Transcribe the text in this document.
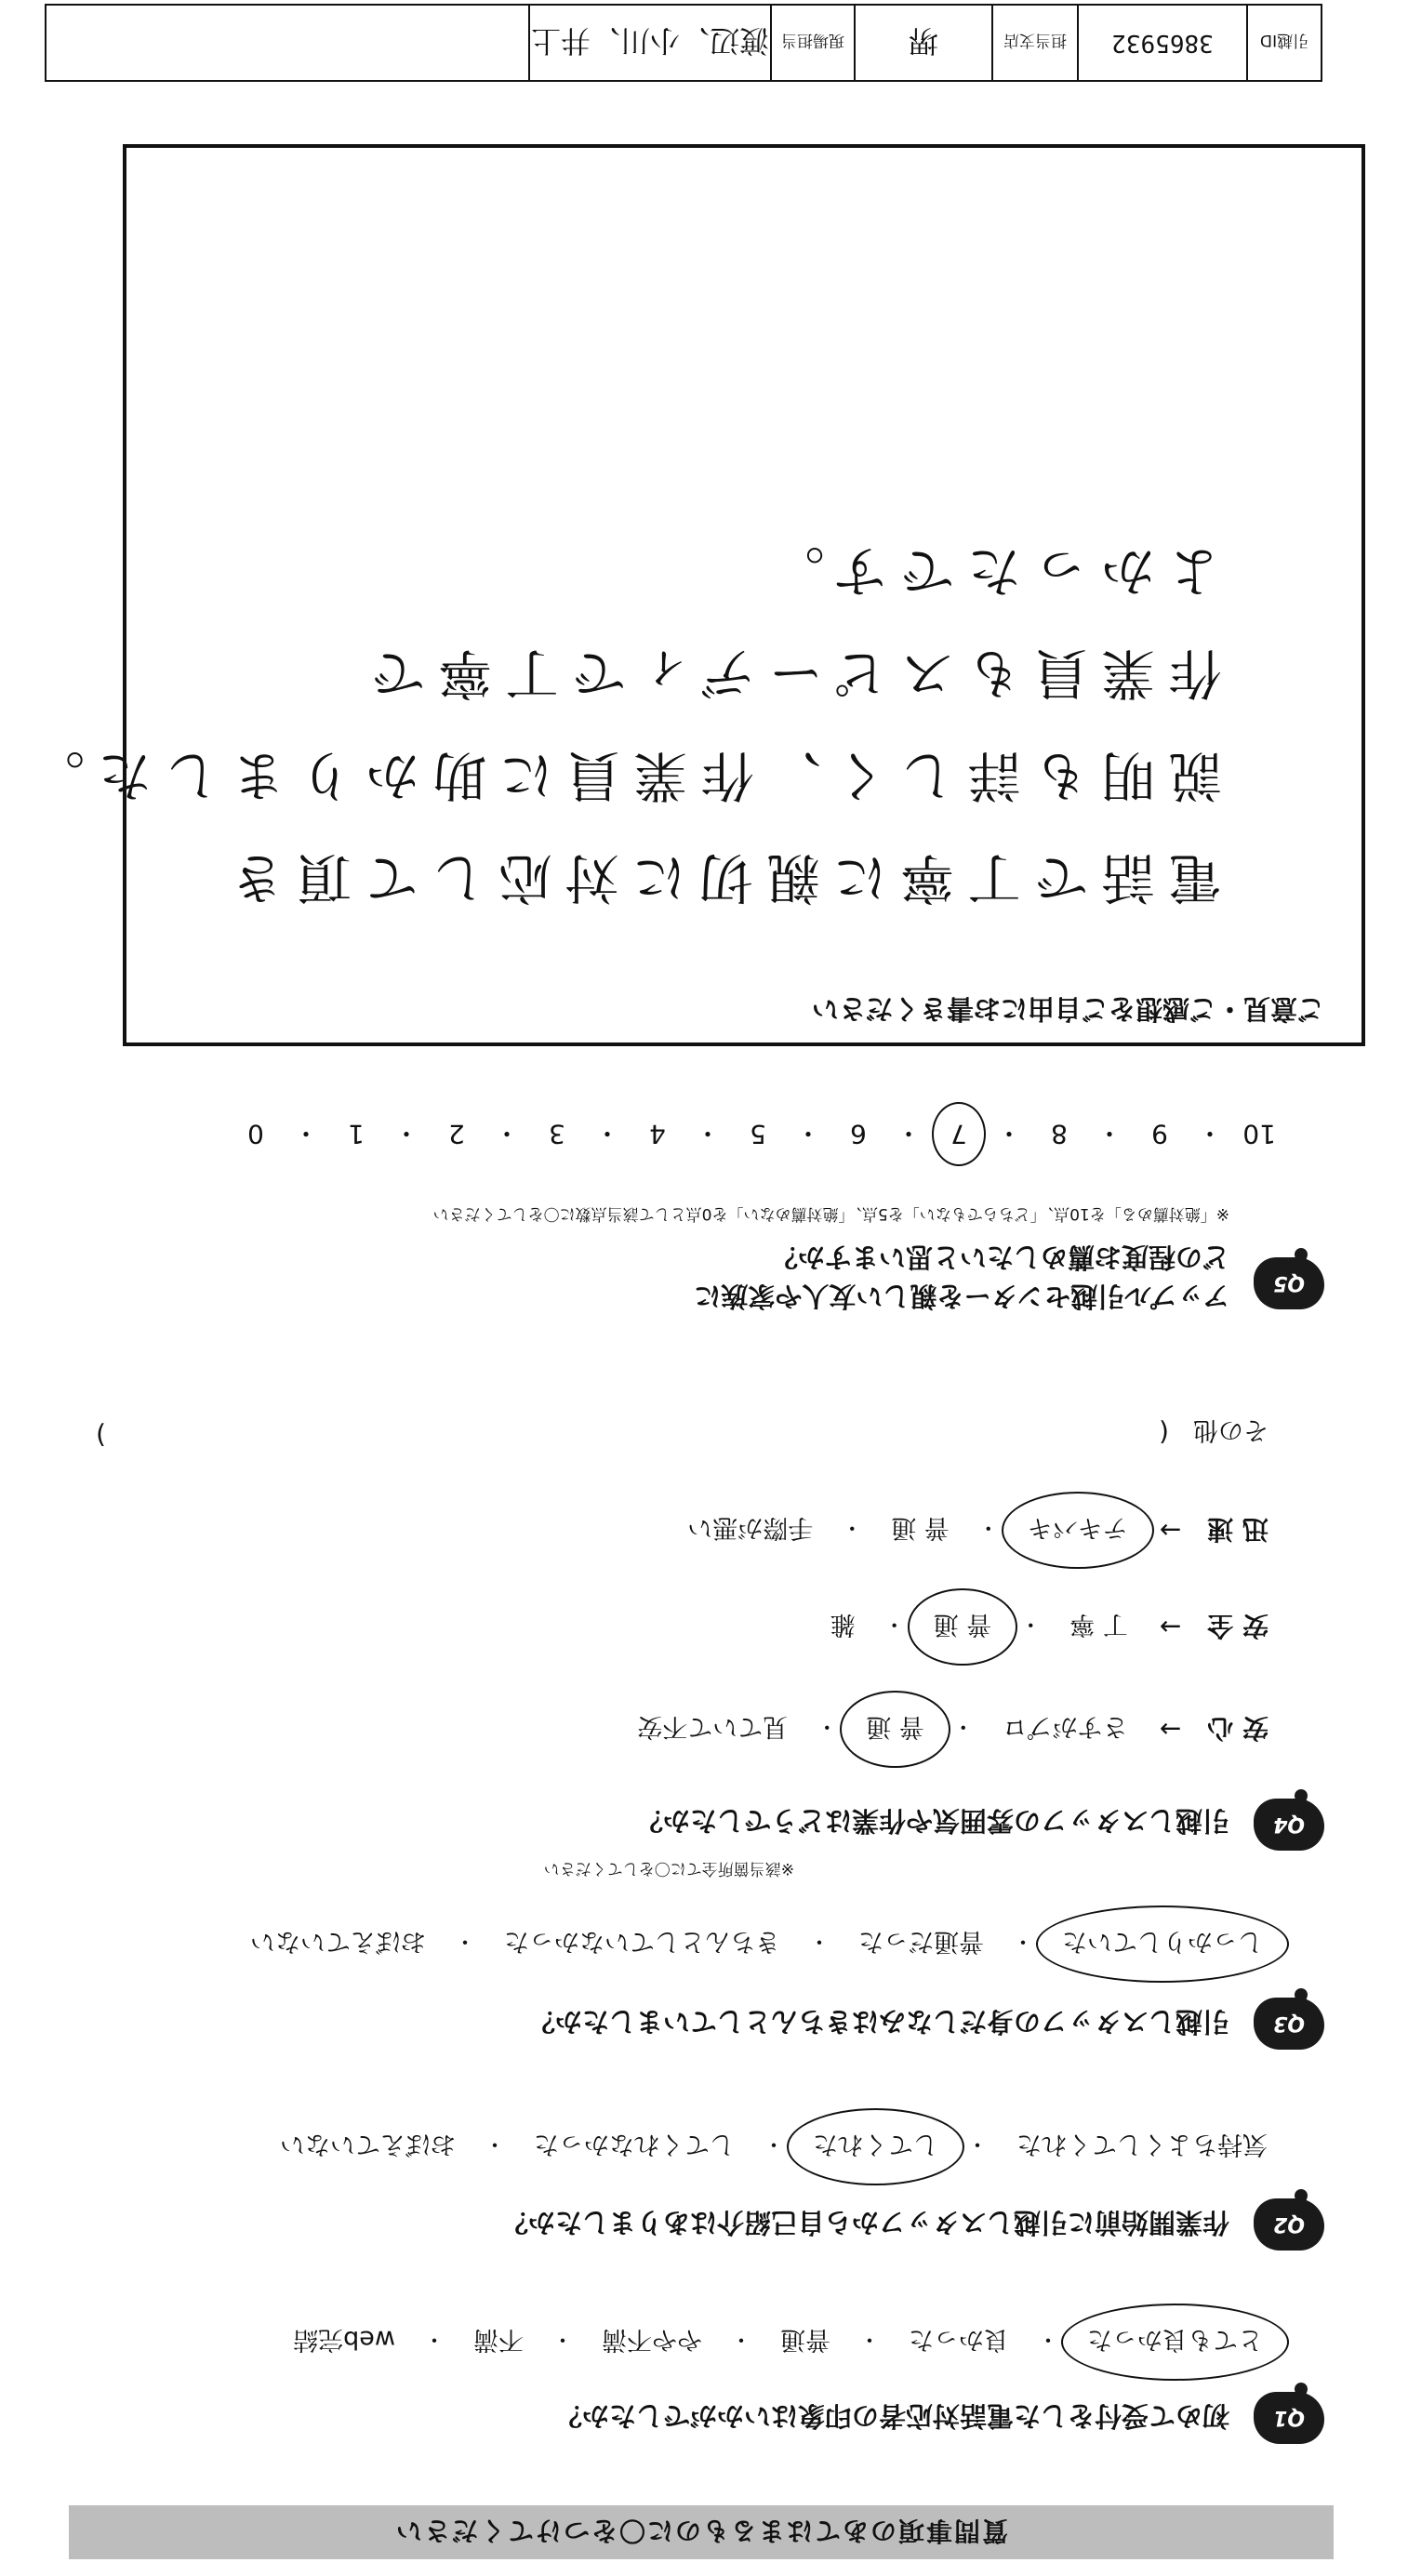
質問事項のあてはまるものに〇をつけてください
Q1
初めて受付をした電話対応者の印象はいかがでしたか？
とても良かった
・
良かった
・
普通
・
やや不満
・
不満
・
web完結
Q2
作業開始前に引越しスタッフから自己紹介はありましたか？
気持ちよくしてくれた
・
してくれた
・
してくれなかった
・
おぼえていない
Q3
引越しスタッフの身だしなみはきちんとしていましたか？
しっかりしていた
・
普通だった
・
きちんとしていなかった
・
おぼえていない
Q4
引越しスタッフの雰囲気や作業はどうでしたか？
※該当箇所全てに〇をしてください
安 心
→
さすがプロ
・
普 通
・
見ていて不安
安 全
→
丁 寧
・
普 通
・
雑
迅 速
→
テキパキ
・
普 通
・
手際が悪い
その他
(
)
Q5
アップル引越センターを親しい友人や家族に
どの程度お薦めしたいと思いますか？
※「絶対薦める」を10点、「どちらでもない」を5点、「絶対薦めない」を0点として該当点数に〇をしてください
10
・
9
・
8
・
7
・
6
・
5
・
4
・
3
・
2
・
1
・
0
ご意見・ご感想をご自由にお書きください
電話で丁寧に親切に対応して頂き
説明も詳しく、作業員に助かりました。
作業員もスピーディで丁寧で
よかったです。
引越ID
3865932
担当支店
堺
現場担当
渡辺、小川、井上
